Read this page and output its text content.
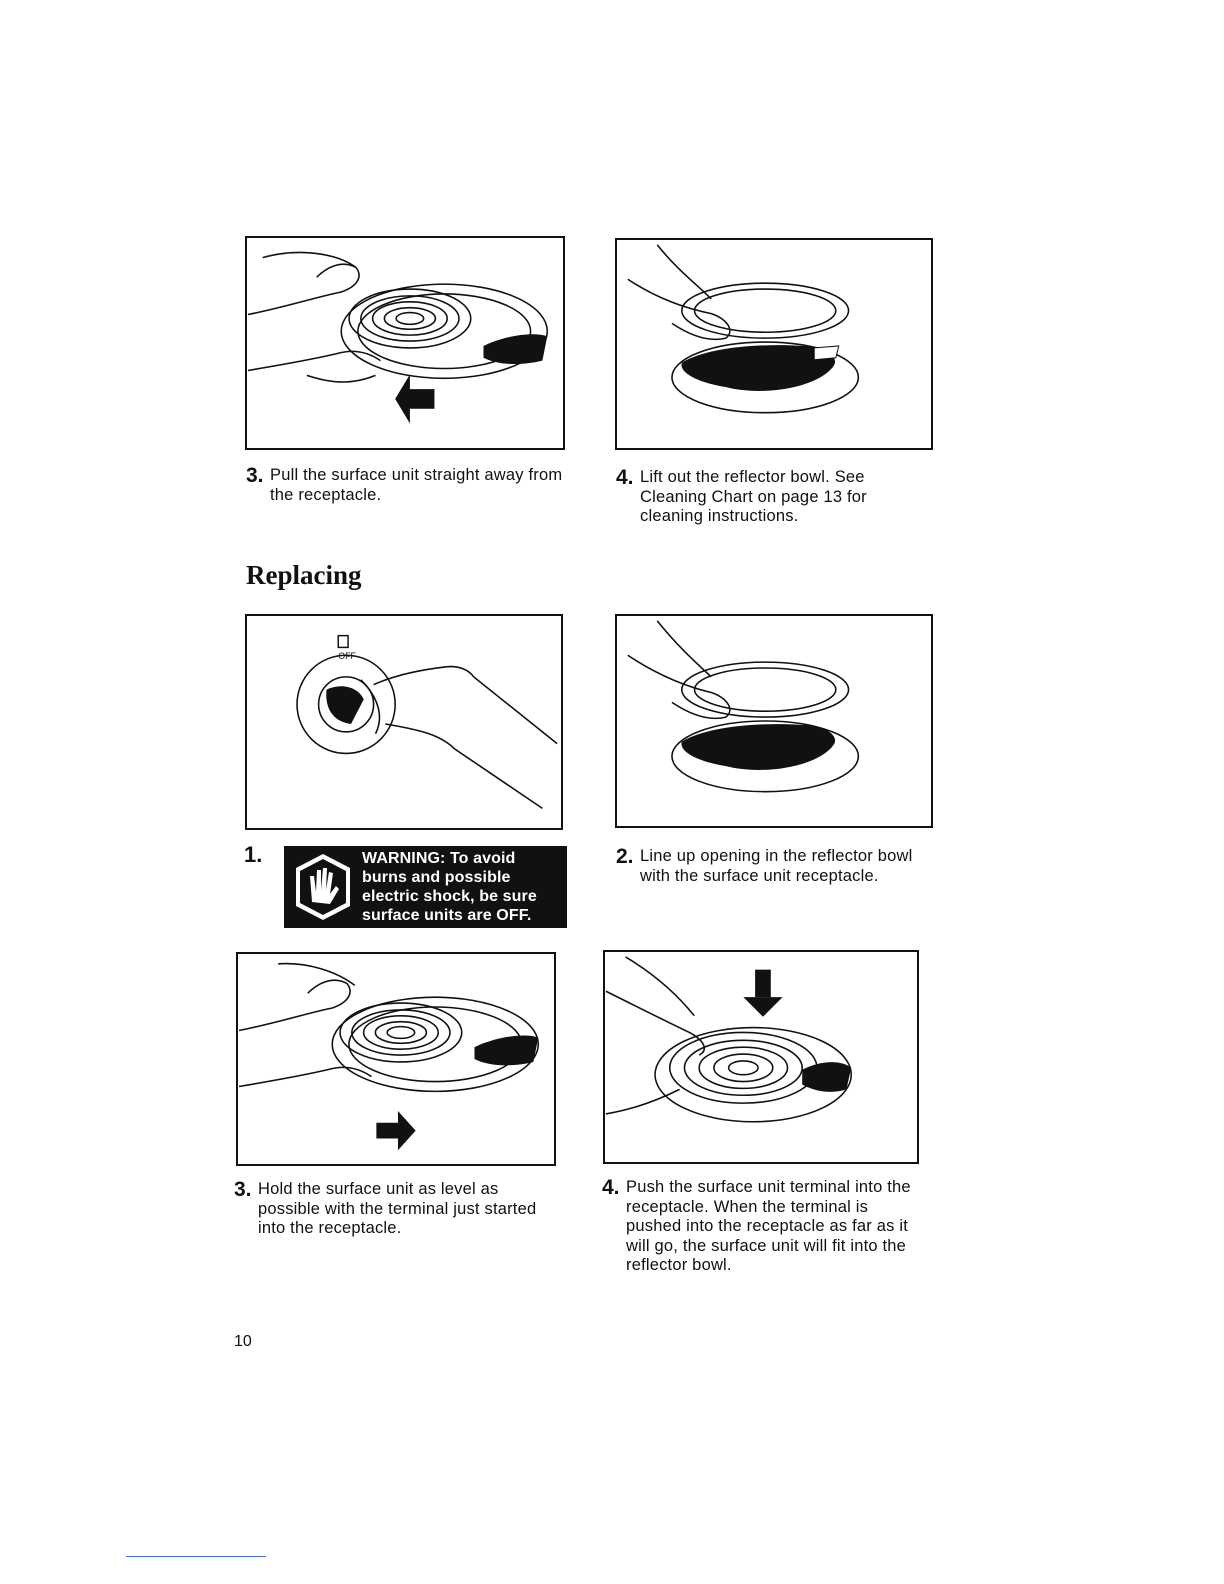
3. Pull the surface unit straight away from the receptacle.
4. Lift out the reflector bowl. See Cleaning Chart on page 13 for cleaning instructions.
Replacing
OFF
1.	WARNING: To avoid
burns and possible
electric shock, be sure
surface units are OFF.
2. Line up opening in the reflector bowl with the surface unit receptacle.
3. Hold the surface unit as level as possible with the terminal just started into the receptacle.
4. Push the surface unit terminal into the receptacle. When the terminal is pushed into the receptacle as far as it will go, the surface unit will fit into the reflector bowl.
10
